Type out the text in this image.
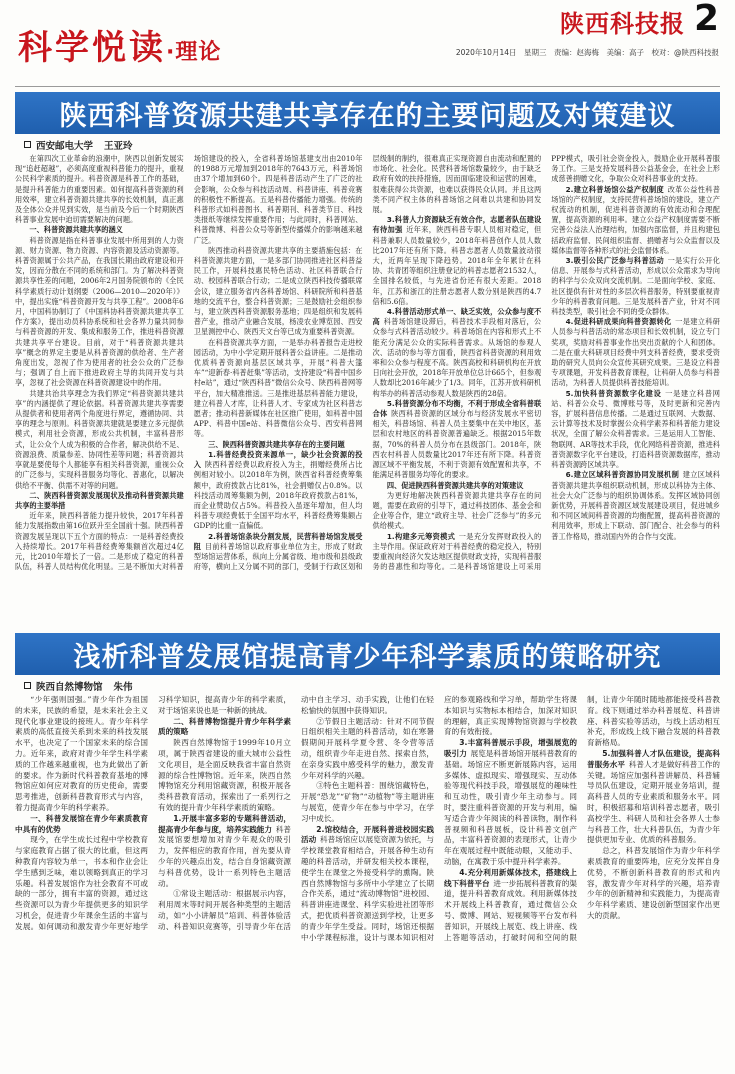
科学悦读·理论
陕西科技报 2
2020年10月14日　星期三　责编：赵海梅　美编：高子　校对：@陕西科技报
陕西科普资源共建共享存在的主要问题及对策建议
西安邮电大学 王亚玲

在第四次工业革命的浪潮中，陕西以创新发展实现“追赶超越”，必须高度重视科普能力的提升，重视公民科学素质的提升。科普资源是科普工作的基础，是提升科普能力的重要因素。如何提高科普资源的利用效率，建立科普资源共建共享的长效机制，真正惠及全体公众并见到实效，是当前及今后一个时期陕西科普事业发展中迫切需要解决的问题。

一、科普资源共建共享的涵义

科普资源是指在科普事业发展中所用到的人力资源、财力资源、物力资源、内容资源及活动资源等。科普资源属于公共产品，在我国长期由政府建设和开发，因而分散在不同的系统和部门。为了解决科普资源共享性差的问题，2006年2月国务院颁布的《全民科学素质行动计划纲要（2006—2010—2020年）》中，提出实施“科普资源开发与共享工程”。2008年6月，中国科协制订了《中国科协科普资源共建共享工作方案》，提出动员科协系统和社会各界力量共同参与科普资源的开发、集成和服务工作，推进科普资源共建共享平台建设。目前，对于“科普资源共建共享”概念的界定主要是从科普资源的供给者、生产者角度出发，忽视了作为使用者的社会公众的广泛参与；强调了自上而下推进政府主导的共同开发与共享，忽视了社会资源在科普资源建设中的作用。

共建共治共享理念为我们界定“科普资源共建共享”的内涵提供了理论依据。科普资源共建共享需要从提供者和使用者两个角度进行界定，遵循协同、共享的理念与原则。科普资源共建就是要建立多元提供模式，利用社会资源，形成公共机制，丰富科普形式，让公众个人成为积极的合作者，解决供给不足、资源浪费、质量参差、协同性差等问题；科普资源共享就是要使每个人都能享有相关科普资源，重视公众的广泛参与，实现科普服务均等化、普惠化，以解决供给不平衡、供需不对等的问题。

二、陕西科普资源发展现状及推动科普资源共建共享的主要举措

近年来，陕西科普能力提升较快，2017年科普能力发展指数由第16位跃升至全国前十强。陕西科普资源发展呈现以下五个方面的特点：一是科普经费投入持续增长。2017年科普经费筹集额首次超过4亿元，比2010年增长了一倍。二是形成了稳定的科普队伍，科普人员结构优化明显。三是不断加大对科普场馆建设的投入，全省科普场馆基建支出由2010年的1988万元增加到2018年的7643万元，科普场馆由37个增加到60个。四是科普活动产生了广泛的社会影响，公众参与科技活动周、科普讲座、科普竞赛的积极性不断提高。五是科普传播能力增强。传统的科普形式如科普图书、科普期刊、科普类节目、科技类报纸等继续发挥重要作用；与此同时，科普网站、科普微博、科普公众号等新型传播媒介的影响越来越广泛。

陕西推动科普资源共建共享的主要措施包括：在科普资源共建方面，一是多部门协同推进社区科普益民工作，开展科技惠民特色活动、社区科普联合行动、校园科普联合行动；二是成立陕西科技传播联席会议，建立服务省内各科普场馆、科研院所和科普基地的交流平台，整合科普资源；三是鼓励社会组织参与，建立陕西科普资源服务基地；四是组织和发展科普产业，推动产业融合发展，杨凌农业博览园、西安卫星测控中心、陕西天文台等已成为重要科普资源。

在科普资源共享方面，一是举办科普报告走进校园活动，为中小学定期开展科普公益讲座。二是推动优质科普资源向基层区域共享，开展“科普大篷车”“迎新春·科普赶集”等活动，支持建设“科普中国乡村e站”，通过“陕西科普”微信公众号、陕西科普网等平台，加大精准推送。三是推进基层科普能力建设，建立科普人才库，让科普人才、专家成为社区科普志愿者；推动科普新媒体在社区推广使用，如科普中国APP、科普中国e站、科普微信公众号、西安科普网等。

三、陕西科普资源共建共享存在的主要问题

1.科普经费投资来源单一，缺少社会资源的投入 陕西科普经费以政府投入为主，捐赠经费所占比例相对较小。以2018年为例，陕西省科普经费筹集额中，政府拨款占比81%，社会捐赠仅占0.8%。以科技活动周筹集额为例，2018年政府拨款占81%，而企业赞助仅占5%。科普投入虽逐年增加，但人均科普专项经费低于全国平均水平，科普经费筹集额占GDP的比重一直偏低。

2.科普场馆条块分割发展，民营科普场馆发展受阻 目前科普场馆以政府事业单位为主，形成了财政型场馆运营体系，纵向上分属省级、地市级和县级政府等，横向上又分属不同的部门，受制于行政区划和层级制的制约，很难真正实现资源自由流动和配置的市场化、社会化。民营科普场馆数量较少，由于缺乏政府有效的扶持措施，因而面临建设和运营的困难，很难获得公共资源，也难以获得民众认同。并且这两类不同产权主体的科普场馆之间难以共建和协同发展。

3.科普人力资源缺乏有效合作，志愿者队伍建设有待加强 近年来，陕西科普专职人员相对稳定，但科普兼职人员数量较少，2018年科普创作人员人数比2017年还有所下降。科普志愿者人员数量波动很大，近两年呈现下降趋势。2018年全年累计在科协、共青团等组织注册登记的科普志愿者21532人，全国排名较低，与先进省份还有很大差距。2018年，江苏和浙江的注册志愿者人数分别是陕西的4.7倍和5.6倍。

4.科普活动形式单一、缺乏实效，公众参与度不高 科普场馆建设滞后，科普技术手段相对落后，公众参与式科普活动较少。科普场馆在内容和形式上不能充分满足公众的实际科普需求。从场馆的参观人次、活动的参与等方面看，陕西省科普资源的利用效率和公众参与程度不高。陕西高校和科研机构在开放日向社会开放，2018年开放单位总计665个，但参观人数却比2016年减少了1/3。同年，江苏开放科研机构举办的科普活动参观人数是陕西的28倍。

5.科普资源分布不均衡，不利于形成全省科普联合体 陕西科普资源的区域分布与经济发展水平密切相关，科普场馆、科普人员主要集中在关中地区，基层和农村地区的科普资源普遍缺乏。根据2015年数据，70%的科普人员分布在县级部门。2018年，陕西农村科普人员数量比2017年还有所下降。科普资源区域不平衡发展，不利于资源有效配置和共享，不能满足科普服务均等化的要求。

四、促进陕西科普资源共建共享的对策建议

为更好地解决陕西科普资源共建共享存在的问题，需要在政府的引导下，通过科技团体、基金会和企业等合作，建立“政府主导、社会广泛参与”的多元供给模式。

1.构建多元筹资模式 一是充分发挥财政投入的主导作用。保证政府对于科普经费的稳定投入，特别要重视向经济欠发达地区提供财政支持，实现科普服务的普惠性和均等化。二是科普场馆建设上可采用PPP模式，吸引社会资金投入，鼓励企业开展科普服务工作。三是支持发展科普公益基金会，在社会上形成慈善捐赠文化，争取公众对科普事业的支持。

2.建立科普场馆公益产权制度 改革公益性科普场馆的产权制度，支持民营科普场馆的建设，建立产权流动的机制，促进科普资源的有效流动和合理配置，提高资源的利用率。建立公益产权制度需要不断完善公益法人治理结构，加强内部监督，并且构建包括政府监督、民间组织监督、捐赠者与公众监督以及媒体监督等各种形式的社会监督体系。

3.吸引公民广泛参与科普活动 一是实行公开化信息、开展参与式科普活动，形成以公众需求为导向的科学与公众双向交流机制。二是面向学校、家庭、社区提供有针对性的多层次科普服务，特别要重视青少年的科普教育问题。三是发展科普产业，针对不同科技类型，吸引社会不同的受众群体。

4.促进科研成果向科普资源转化 一是建立科研人员参与科普活动的常态项目和长效机制，设立专门奖项，奖励对科普事业作出突出贡献的个人和团体。二是在重大科研项目经费中列支科普经费，要求受资助的研究人员向公众宣传其研究成果。三是设立科普专项课题，开发科普教育课程，让科研人员参与科普活动，为科普人员提供科普技能培训。

5.加快科普资源数字化建设 一是建立科普网站、科普公众号、微博账号等，及时更新和完善内容，扩展科普信息传播。二是通过互联网、大数据、云计算等技术及时掌握公众科学素养和科普能力建设状况，全面了解公众科普需求。三是运用人工智能、物联网、AR等技术手段，优化网络科普资源，推进科普资源数字化平台建设，打造科普资源数据库，推动科普资源跨区域共享。

6.建立区域科普资源协同发展机制 建立区域科普资源共建共享组织联动机制，形成以科协为主体、社会大众广泛参与的组织协调体系。发挥区域协同创新优势，开展科普资源区域发展建设项目，促进城乡和不同区域间科普资源的均衡配置，提高科普资源的利用效率，形成上下联动、部门配合、社会参与的科普工作格局，推动国内外的合作与交流。

浅析科普发展馆提高青少年科学素质的策略研究
陕西自然博物馆 朱伟

“少年强则国强。”青少年作为祖国的未来，民族的希望，是未来社会主义现代化事业建设的接班人。青少年科学素质的高低直接关系到未来的科技发展水平，也决定了一个国家未来的综合国力。近年来，政府对青少年学生科学素质的工作越来越重视，也为此做出了新的要求。作为新时代科普教育基地的博物馆应如何应对教育的历史使命，需要思考推进，创新科普教育形式与内容，着力提高青少年的科学素养。

一、科普发展馆在青少年素质教育中具有的优势

现今，在学生成长过程中学校教育与家庭教育占据了很大的比重，但这两种教育内容较为单一，书本和作业会让学生感到乏味，难以领略到真正的学习乐趣。科普发展馆作为社会教育不可或缺的一部分，拥有丰富的资源，通过这些资源可以为青少年提供更多的知识学习机会，促进青少年课余生活的丰富与发展。如何调动和激发青少年更好地学习科学知识，提高青少年的科学素质，对于场馆来说也是一种新的挑战。

二、科普博物馆提升青少年科学素质的策略

陕西自然博物馆于1999年10月立项，属于陕西省建设的重大城市公益性文化项目，是全面反映我省丰富自然资源的综合性博物馆。近年来，陕西自然博物馆充分利用馆藏资源，积极开展各类科普教育活动，探索出了一系列行之有效的提升青少年科学素质的策略。

1.开展丰富多彩的专题科普活动，提高青少年参与度，培养实践能力 科普发展馆要想增加对青少年观众的吸引力，发挥相应的教育作用，首先要从青少年的兴趣点出发，结合自身馆藏资源与科普优势，设计一系列特色主题活动。

①常设主题活动：根据展示内容，利用周末等时间开展各种类型的主题活动，如“小小讲解员”培训、科普体验活动、科普知识竞赛等，引导青少年在活动中自主学习、动手实践，让他们在轻松愉快的氛围中获得知识。

②节假日主题活动：针对不同节假日组织相关主题的科普活动，如在寒暑假期间开展科学夏令营、冬令营等活动，组织青少年走进自然、探索自然，在亲身实践中感受科学的魅力，激发青少年对科学的兴趣。

③特色主题科普：围绕馆藏特色，开展“恐龙”“矿物”“动植物”等主题讲座与展览，使青少年在参与中学习，在学习中成长。

2.馆校结合，开展科普进校园实践活动 科普场馆应以展览资源为依托，与学校课堂教育相结合，开展各种生动有趣的科普活动，并研发相关校本课程，使学生在课堂之外接受科学的熏陶。陕西自然博物馆与多所中小学建立了长期合作关系，通过“流动博物馆”进校园、科普讲座进课堂、科学实验进社团等形式，把优质科普资源送到学校，让更多的青少年学生受益。同时，场馆还根据中小学课程标准，设计与课本知识相对应的参观路线和学习单，帮助学生将课本知识与实物标本相结合，加深对知识的理解，真正实现博物馆资源与学校教育的有效衔接。

3.丰富科普展示手段，增强展览的吸引力 展览是科普场馆开展科普教育的基础。场馆应不断更新展陈内容，运用多媒体、虚拟现实、增强现实、互动体验等现代科技手段，增强展览的趣味性和互动性，吸引青少年主动参与。同时，要注重科普资源的开发与利用，编写适合青少年阅读的科普读物，制作科普视频和科普展板，设计科普文创产品，丰富科普资源的表现形式，让青少年在观展过程中既能动眼，又能动手、动脑，在寓教于乐中提升科学素养。

4.充分利用新媒体技术，搭建线上线下科普平台 进一步拓展科普教育的渠道，提升科普教育成效。利用新媒体技术开展线上科普教育，通过微信公众号、微博、网站、短视频等平台发布科普知识，开展线上展览、线上讲座、线上答题等活动，打破时间和空间的限制，让青少年随时随地都能接受科普教育。线下则通过举办科普展览、科普讲座、科普实验等活动，与线上活动相互补充，形成线上线下融合发展的科普教育新格局。

5.加强科普人才队伍建设，提高科普服务水平 科普人才是做好科普工作的关键。场馆应加强科普讲解员、科普辅导员队伍建设，定期开展业务培训，提高科普人员的专业素质和服务水平。同时，积极招募和培训科普志愿者，吸引高校学生、科研人员和社会各界人士参与科普工作，壮大科普队伍，为青少年提供更加专业、优质的科普服务。

总之，科普发展馆作为青少年科学素质教育的重要阵地，应充分发挥自身优势，不断创新科普教育的形式和内容，激发青少年对科学的兴趣，培养青少年的创新精神和实践能力，为提高青少年科学素质、建设创新型国家作出更大的贡献。
